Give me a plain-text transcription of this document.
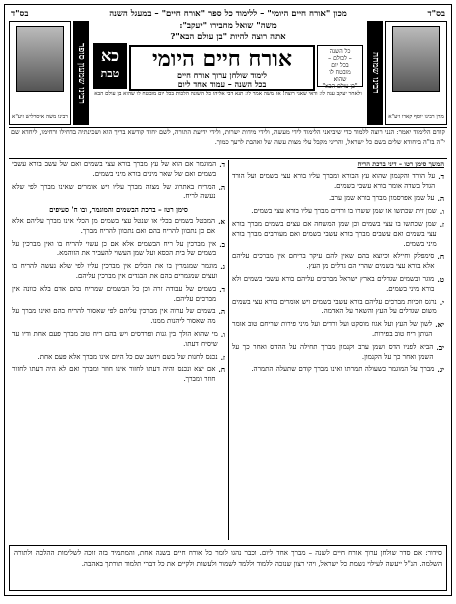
בס"ד
מכון "אורח חיים היומי" – ללימוד כל ספר "אורח חיים" – במעגל השנה
בס"ד
מרן רבינו יוסף קארו זיע"א
רבינו שמחה
משה" שואל מחבירו "יעקב":
אתה רוצה להיות "בן עולם הבא"?
כל השנה
– לכולם –
בכל יום
מובטח לו
שהוא
"בן עולם הבא"
אורח חיים היומי
לימוד שולחן ערוך אורח חיים
בכל השנה – עמוד אחד ליום
כא
טבת
ולאחר יעקב ענה לו: ודאי שאני רוצה! אז משה אמר לו: תנא דבי אליהו כל השונה הלכות בכל יום מובטח לו שהוא בן עולם הבא
רבינו שמעון סופר
רבינו משה איסרליש זיע"א
קודם הלימוד יאמר: הנני רוצה ללמוד כדי שיביאני הלימוד לידי מעשה, ולידי מידות ישרות, ולידי ידיעת התורה, לשם יחוד קודשא בריך הוא ושכינתיה בדחילו ורחימו, ליחדא שם י"ה בו"ה ביחודא שלים בשם כל ישראל, והריני מקבל עלי מצות עשה של ואהבת לרעך כמוך.
המשך סימן רטו – דיני ברכת הריח
ד.
על הורד והקנמון שהוא עץ הבורא ומברך עליו בורא עצי בשמים ועל הורד הגדל בשדה אומר בורא עשבי בשמים.
ה.
על שמן אפרסמון מברך בורא שמן ערב.
ו.
שמן זית שכתשו או שמן ששרו בו ורדים מברך עליו בורא עצי בשמים.
ז.
שמן שכתשו בו עצי בשמים וכן שמן המשחה אם עצים בשמים מברך בורא עצי בשמים ואם עשבים מברך בורא עשבי בשמים ואם מעורבים מברך בורא מיני בשמים.
ח.
סימפלק וחיילא וכיוצא בהם שאין להם עיקר בריחם אין מברכים עליהם אלא בורא עצי בשמים שהרי הם גדלים מן העץ.
ט.
מוגר ובשמים שגדלים בארץ ישראל מברכים עליהם בורא עשבי בשמים ולא בורא מיני בשמים.
י.
נרגס וזכיות מברכים עליהם בורא עשבי בשמים ויש אומרים בורא עצי בשמים משום שגדלים על העץ והשאר על האדמה.
יא.
לשון של העץ ועל אגוז מוסקט ועל ורדים ועל מיני פירות שריחם טוב אומר הנותן ריח טוב בפירות.
יב.
הביא לפניו הדס ושמן ערב וקנמון מברך תחילה על ההדס ואחר כך על השמן ואחר כך על הקנמון.
יג.
מברך על המוגמר כשעולה תמרתו ואינו מברך קודם שתעלה התמרה.
ד.
המוגמר אם הוא של עץ מברך בורא עצי בשמים ואם של עשב בורא עשבי בשמים ואם של שאר מינים בורא מיני בשמים.
ה.
המריח באתרוג של מצוה מברך עליו ויש אומרים שאינו מברך לפי שלא נעשה לריח.
סימן רטז – ברכת הבשמים והמוגמר, ובו ח' סעיפים
א.
המבטל בשמים בכלי או שנטל עצי בשמים מן הכלי אינו מברך עליהם אלא אם כן נתכוון להריח בהם ואם נתכוון להריח מברך.
ב.
אין מברכין על ריח הבשמים אלא אם כן עשוי להריח בו ואין מברכין על בשמים של בית הכסא ועל שמן העשוי להעביר את הזוהמא.
ג.
מוגמר שמגמרין בו את הכלים אין מברכין עליו לפי שלא נעשה להריח בו ועצים שמגמרים בהם את הבגדים אין מברכין עליהם.
ד.
בשמים של עבודה זרה וכן כל הבשמים שמריח בהם אדם בלא כוונה אין מברכים עליהם.
ה.
בשמים של ערוה אין מברכין עליהם לפי שאסור להריח בהם ואינו מברך על מה שאסור ליהנות ממנו.
ו.
מי שהוא הולך בין גנות ופרדסים ויש בהם ריח טוב מברך פעם אחת ודיו עד שיסיח דעתו.
ז.
נכנס לחנות של בשם ויושב שם כל היום אינו מברך אלא פעם אחת.
ח.
אם יצא ונכנס והיה דעתו לחזור אינו חוזר ומברך ואם לא היה דעתו לחזור חוזר ומברך.
סידור: אם סדר שולחן ערוך אורח חיים לשנה – מברך אחד ליום. וכבר נהגו לומר כל אורח חיים בשנה אחת, והמתמיד בזה זוכה לשלימות ההלכה ולתורה השלמה. הנ"ל ייעשה לעילוי נשמת כל ישראל, ויהי רצון שנזכה ללמוד וללמד לשמור ולעשות ולקיים את כל דברי תלמוד תורתך באהבה.
